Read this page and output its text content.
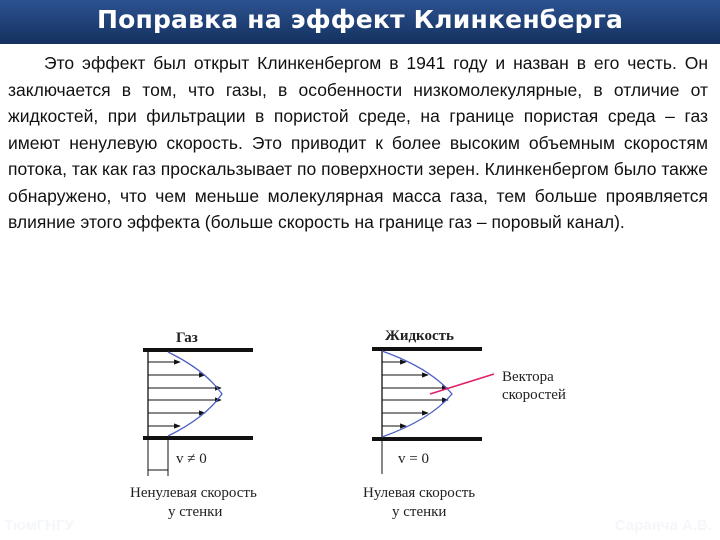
Поправка на эффект Клинкенберга

Это эффект был открыт Клинкенбергом в 1941 году и назван в его честь. Он заключается в том, что газы, в особенности низкомолекулярные, в отличие от жидкостей, при фильтрации в пористой среде, на границе пористая среда – газ имеют ненулевую скорость. Это приводит к более высоким объемным скоростям потока, так как газ проскальзывает по поверхности зерен. Клинкенбергом было также обнаружено, что чем меньше молекулярная масса газа, тем больше проявляется влияние этого эффекта (больше скорость на границе газ – поровый канал).

Газ
v ≠ 0
Ненулевая скорость
у стенки
Жидкость
Вектора
скоростей
v = 0
Нулевая скорость
у стенки
ТюмГНГУ	Саранча А.В.
